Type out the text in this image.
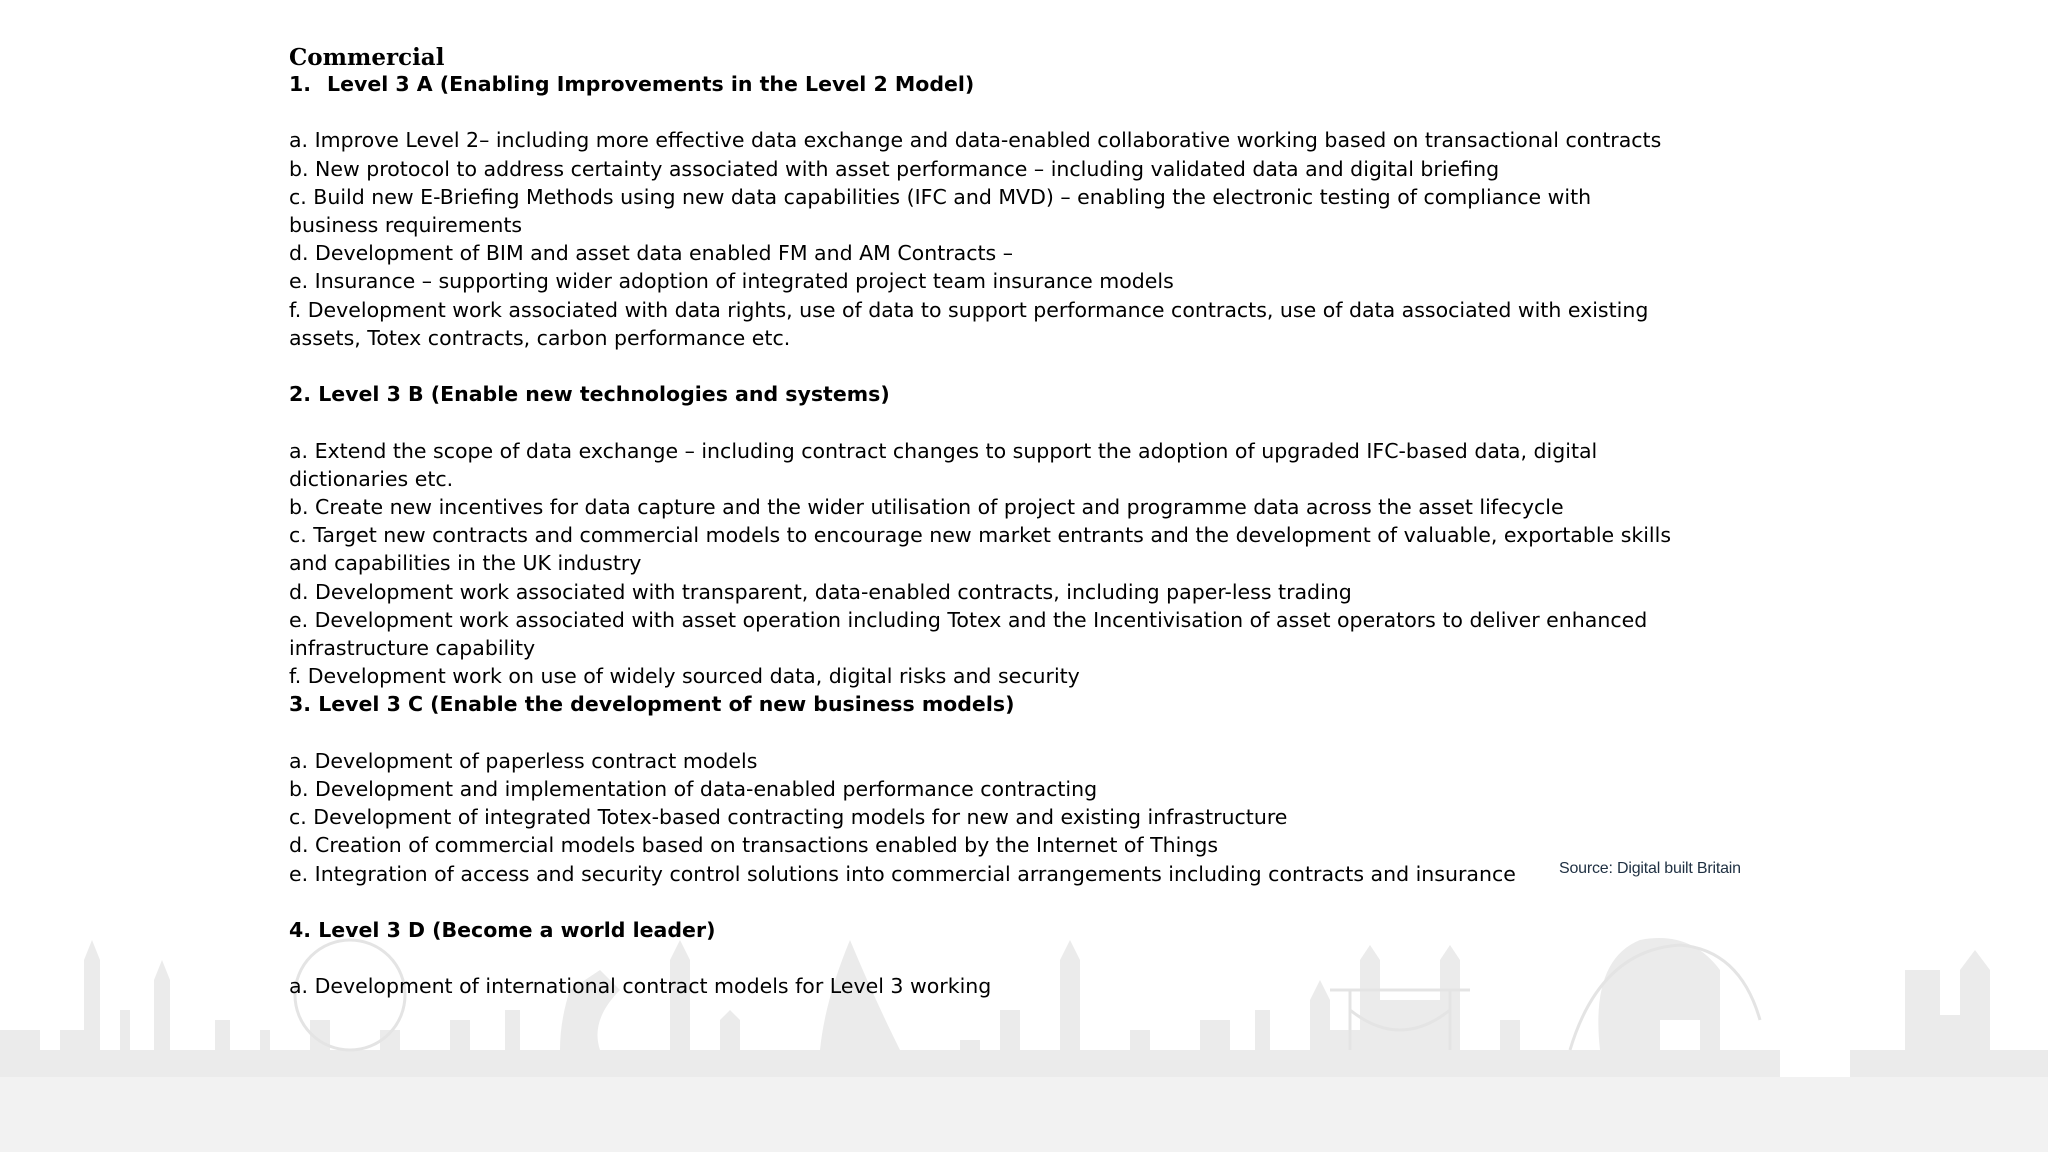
Commercial
1. Level 3 A (Enabling Improvements in the Level 2 Model)

a. Improve Level 2– including more effective data exchange and data-enabled collaborative working based on transactional contracts

b. New protocol to address certainty associated with asset performance – including validated data and digital briefing

c. Build new E-Briefing Methods using new data capabilities (IFC and MVD) – enabling the electronic testing of compliance with

business requirements

d. Development of BIM and asset data enabled FM and AM Contracts –

e. Insurance – supporting wider adoption of integrated project team insurance models

f. Development work associated with data rights, use of data to support performance contracts, use of data associated with existing

assets, Totex contracts, carbon performance etc.

2. Level 3 B (Enable new technologies and systems)

a. Extend the scope of data exchange – including contract changes to support the adoption of upgraded IFC-based data, digital

dictionaries etc.

b. Create new incentives for data capture and the wider utilisation of project and programme data across the asset lifecycle

c. Target new contracts and commercial models to encourage new market entrants and the development of valuable, exportable skills

and capabilities in the UK industry

d. Development work associated with transparent, data-enabled contracts, including paper-less trading

e. Development work associated with asset operation including Totex and the Incentivisation of asset operators to deliver enhanced

infrastructure capability

f. Development work on use of widely sourced data, digital risks and security

3. Level 3 C (Enable the development of new business models)

a. Development of paperless contract models

b. Development and implementation of data-enabled performance contracting

c. Development of integrated Totex-based contracting models for new and existing infrastructure

d. Creation of commercial models based on transactions enabled by the Internet of Things

e. Integration of access and security control solutions into commercial arrangements including contracts and insurance

4. Level 3 D (Become a world leader)

a. Development of international contract models for Level 3 working

Source: Digital built Britain
